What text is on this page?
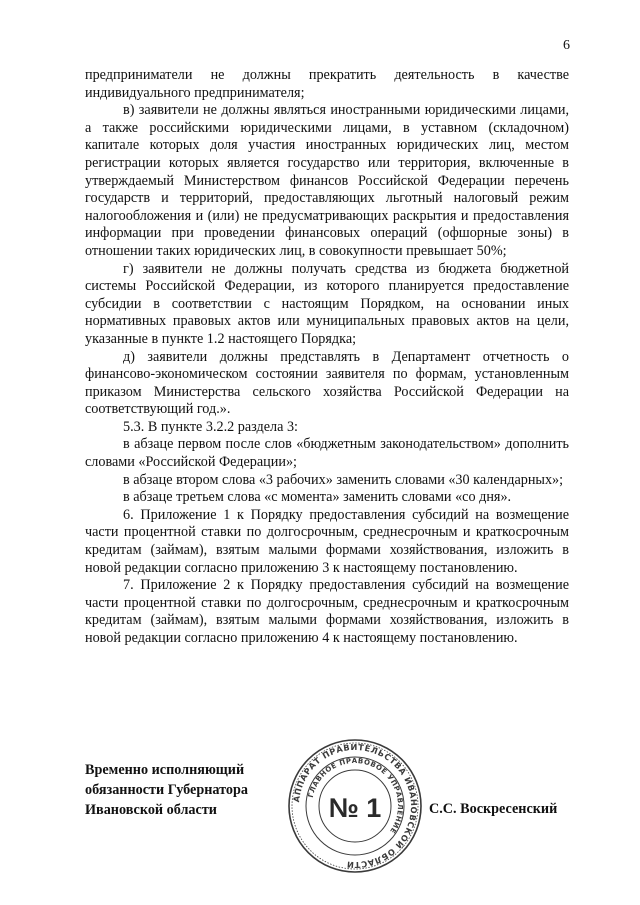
6

предприниматели не должны прекратить деятельность в качестве индивидуального предпринимателя;

в) заявители не должны являться иностранными юридическими лицами, а также российскими юридическими лицами, в уставном (складочном) капитале которых доля участия иностранных юридических лиц, местом регистрации которых является государство или территория, включенные в утверждаемый Министерством финансов Российской Федерации перечень государств и территорий, предоставляющих льготный налоговый режим налогообложения и (или) не предусматривающих раскрытия и предоставления информации при проведении финансовых операций (офшорные зоны) в отношении таких юридических лиц, в совокупности превышает 50%;

г) заявители не должны получать средства из бюджета бюджетной системы Российской Федерации, из которого планируется предоставление субсидии в соответствии с настоящим Порядком, на основании иных нормативных правовых актов или муниципальных правовых актов на цели, указанные в пункте 1.2 настоящего Порядка;

д) заявители должны представлять в Департамент отчетность о финансово-экономическом состоянии заявителя по формам, установленным приказом Министерства сельского хозяйства Российской Федерации на соответствующий год.».

5.3. В пункте 3.2.2 раздела 3:

в абзаце первом после слов «бюджетным законодательством» дополнить словами «Российской Федерации»;

в абзаце втором слова «3 рабочих» заменить словами «30 календарных»;

в абзаце третьем слова «с момента» заменить словами «со дня».

6. Приложение 1 к Порядку предоставления субсидий на возмещение части процентной ставки по долгосрочным, среднесрочным и краткосрочным кредитам (займам), взятым малыми формами хозяйствования, изложить в новой редакции согласно приложению 3 к настоящему постановлению.

7. Приложение 2 к Порядку предоставления субсидий на возмещение части процентной ставки по долгосрочным, среднесрочным и краткосрочным кредитам (займам), взятым малыми формами хозяйствования, изложить в новой редакции согласно приложению 4 к настоящему постановлению.

Временно исполняющий
обязанности Губернатора
Ивановской области
АППАРАТ ПРАВИТЕЛЬСТВА ИВАНОВСКОЙ ОБЛАСТИ
ГЛАВНОЕ ПРАВОВОЕ УПРАВЛЕНИЕ
№ 1	С.С. Воскресенский
